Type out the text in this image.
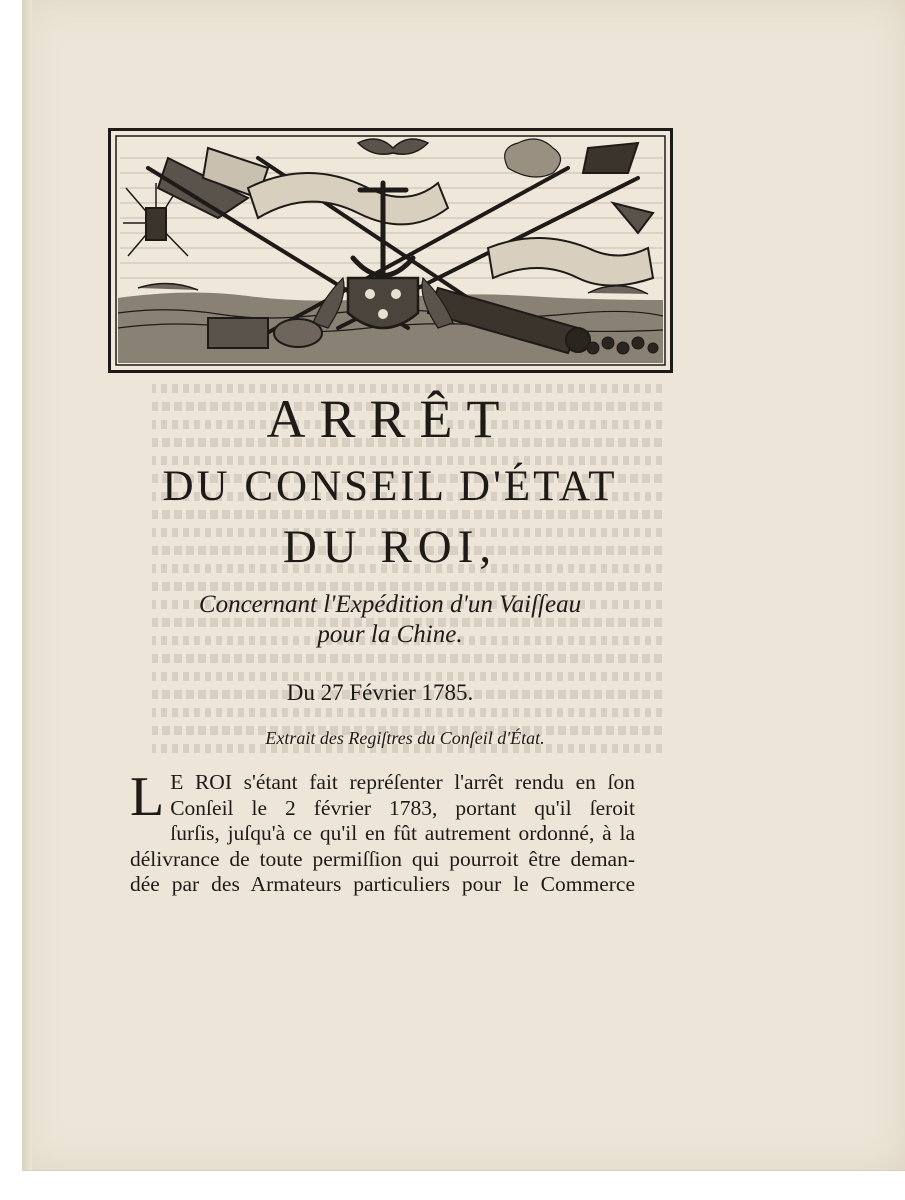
ARRÊT
DU CONSEIL D'ÉTAT
DU ROI,
Concernant l'Expédition d'un Vaiſſeau
pour la Chine.
Du 27 Février 1785.
Extrait des Regiſtres du Conſeil d'État.
L E ROI s'étant fait repréſenter l'arrêt rendu en ſon
Conſeil le 2 février 1783, portant qu'il ſeroit
ſurſis, juſqu'à ce qu'il en fût autrement ordonné, à la
délivrance de toute permiſſion qui pourroit être deman-
dée par des Armateurs particuliers pour le Commerce
